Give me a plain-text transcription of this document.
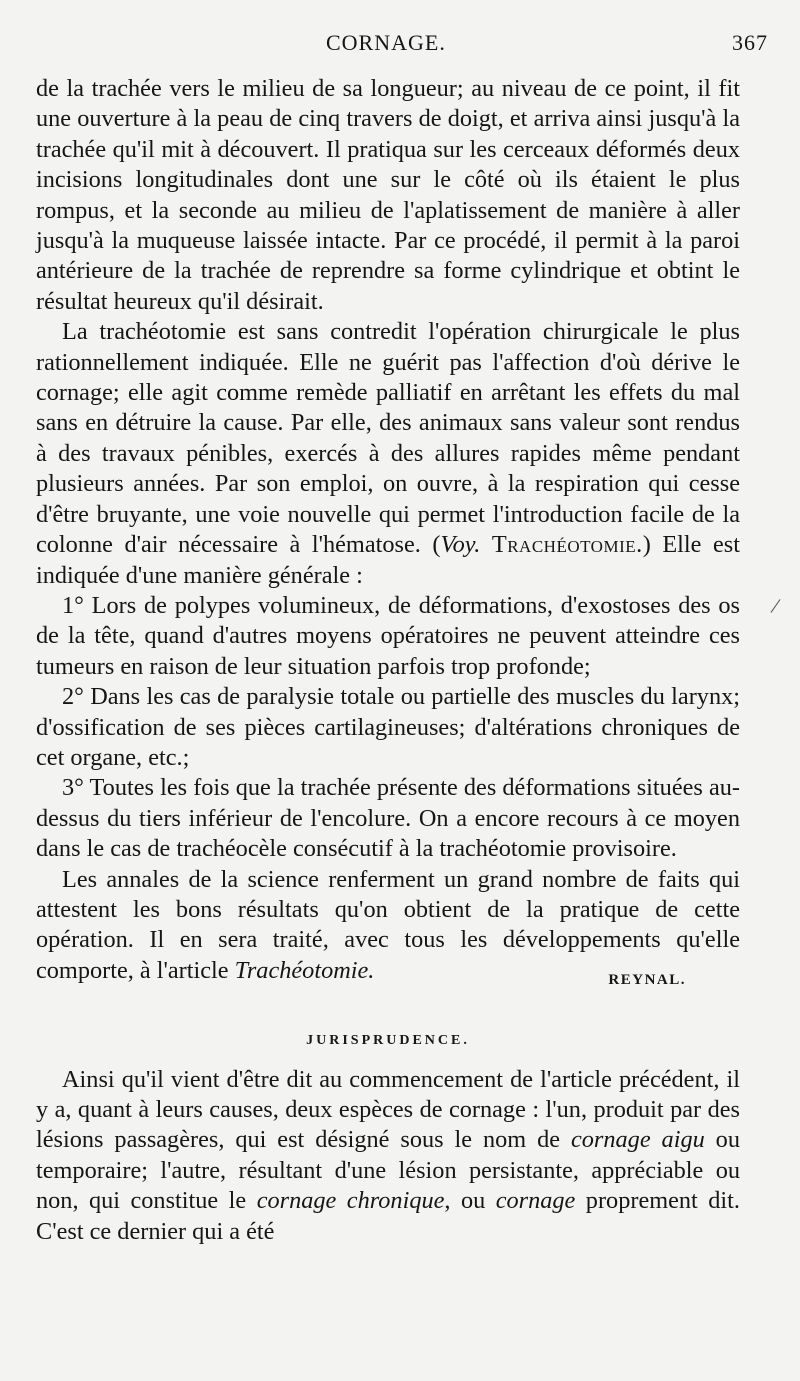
CORNAGE.	367

de la trachée vers le milieu de sa longueur; au niveau de ce point, il fit une ouverture à la peau de cinq travers de doigt, et arriva ainsi jusqu'à la trachée qu'il mit à découvert. Il pratiqua sur les cerceaux déformés deux incisions longitudinales dont une sur le côté où ils étaient le plus rompus, et la seconde au milieu de l'aplatissement de manière à aller jusqu'à la muqueuse laissée intacte. Par ce procédé, il permit à la paroi antérieure de la trachée de reprendre sa forme cylindrique et obtint le résultat heureux qu'il désirait.

La trachéotomie est sans contredit l'opération chirurgicale le plus rationnellement indiquée. Elle ne guérit pas l'affection d'où dérive le cornage; elle agit comme remède palliatif en arrêtant les effets du mal sans en détruire la cause. Par elle, des animaux sans valeur sont rendus à des travaux pénibles, exercés à des allures rapides même pendant plusieurs années. Par son emploi, on ouvre, à la respiration qui cesse d'être bruyante, une voie nouvelle qui permet l'introduction facile de la colonne d'air nécessaire à l'hématose. (Voy. Trachéotomie.) Elle est indiquée d'une manière générale :

1° Lors de polypes volumineux, de déformations, d'exostoses des os de la tête, quand d'autres moyens opératoires ne peuvent atteindre ces tumeurs en raison de leur situation parfois trop profonde;

2° Dans les cas de paralysie totale ou partielle des muscles du larynx; d'ossification de ses pièces cartilagineuses; d'altérations chroniques de cet organe, etc.;

3° Toutes les fois que la trachée présente des déformations situées au-dessus du tiers inférieur de l'encolure. On a encore recours à ce moyen dans le cas de trachéocèle consécutif à la trachéotomie provisoire.

Les annales de la science renferment un grand nombre de faits qui attestent les bons résultats qu'on obtient de la pratique de cette opération. Il en sera traité, avec tous les développements qu'elle comporte, à l'article Trachéotomie.	REYNAL.

JURISPRUDENCE.

Ainsi qu'il vient d'être dit au commencement de l'article précédent, il y a, quant à leurs causes, deux espèces de cornage : l'un, produit par des lésions passagères, qui est désigné sous le nom de cornage aigu ou temporaire; l'autre, résultant d'une lésion persistante, appréciable ou non, qui constitue le cornage chronique, ou cornage proprement dit. C'est ce dernier qui a été
